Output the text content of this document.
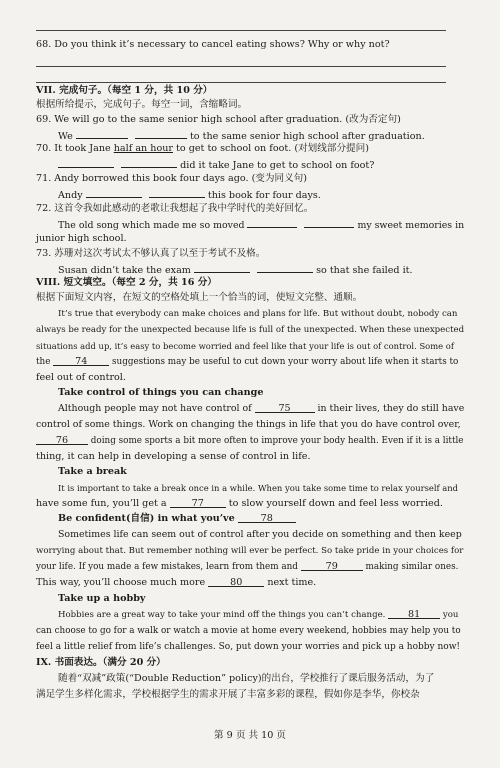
68. Do you think it’s necessary to cancel eating shows? Why or why not?
VII. 完成句子。（每空 1 分，共 10 分）
根据所给提示，完成句子。每空一词，含缩略词。
69. We will go to the same senior high school after graduation. (改为否定句)
We	to the same senior high school after graduation.
70. It took Jane half an hour to get to school on foot. (对划线部分提问)
did it take Jane to get to school on foot?
71. Andy borrowed this book four days ago. (变为同义句)
Andy	this book for four days.
72. 这首令我如此感动的老歌让我想起了我中学时代的美好回忆。
The old song which made me so moved	my sweet memories in
junior high school.
73. 苏珊对这次考试太不够认真了以至于考试不及格。
Susan didn’t take the exam	so that she failed it.
VIII. 短文填空。（每空 2 分，共 16 分）
根据下面短文内容，在短文的空格处填上一个恰当的词，使短文完整、通顺。
It’s true that everybody can make choices and plans for life. But without doubt, nobody can
always be ready for the unexpected because life is full of the unexpected. When these unexpected
situations add up, it’s easy to become worried and feel like that your life is out of control. Some of
the	74	suggestions may be useful to cut down your worry about life when it starts to
feel out of control.
Take control of things you can change
Although people may not have control of	75	in their lives, they do still have
control of some things. Work on changing the things in life that you do have control over,
76	doing some sports a bit more often to improve your body health. Even if it is a little
thing, it can help in developing a sense of control in life.
Take a break
It is important to take a break once in a while. When you take some time to relax yourself and
have some fun, you’ll get a	77	to slow yourself down and feel less worried.
Be confident(自信) in what you’ve	78
Sometimes life can seem out of control after you decide on something and then keep
worrying about that. But remember nothing will ever be perfect. So take pride in your choices for
your life. If you made a few mistakes, learn from them and	79	making similar ones.
This way, you’ll choose much more	80	next time.
Take up a hobby
Hobbies are a great way to take your mind off the things you can’t change. 81	you
can choose to go for a walk or watch a movie at home every weekend, hobbies may help you to
feel a little relief from life’s challenges. So, put down your worries and pick up a hobby now!
IX. 书面表达。（满分 20 分）
随着“双减”政策(“Double Reduction” policy)的出台，学校推行了课后服务活动，为了
满足学生多样化需求，学校根据学生的需求开展了丰富多彩的课程，假如你是李华，你校杂
第 9 页 共 10 页
